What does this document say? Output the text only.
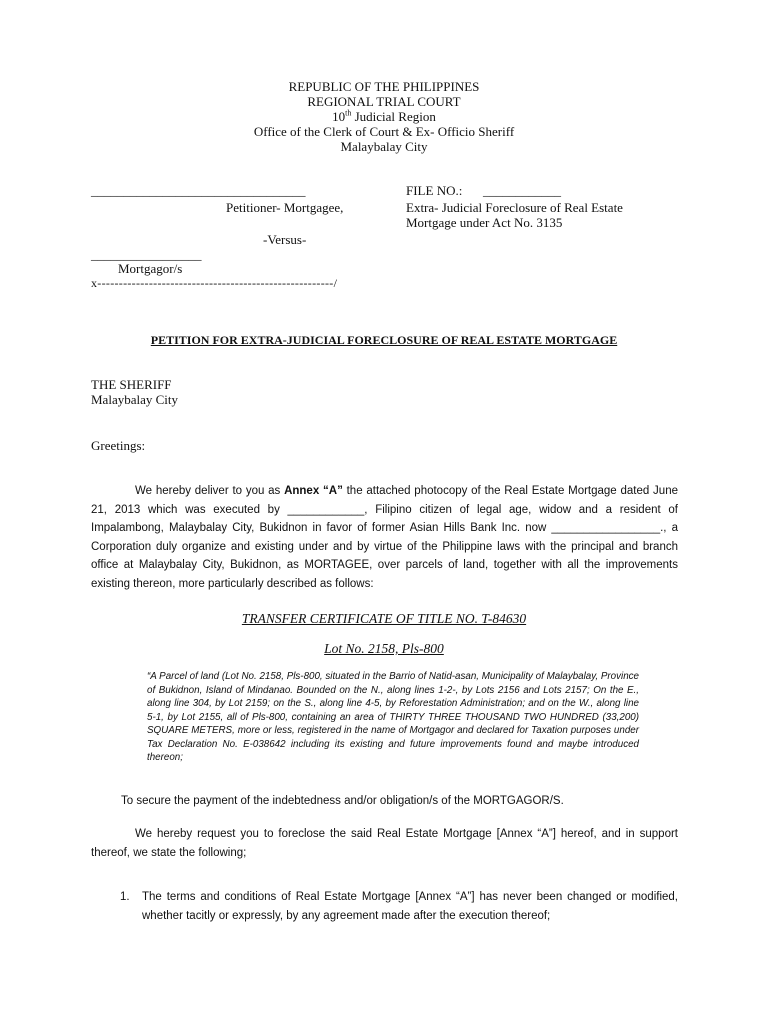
REPUBLIC OF THE PHILIPPINES
REGIONAL TRIAL COURT
10th Judicial Region
Office of the Clerk of Court & Ex- Officio Sheriff
Malaybalay City
_________________________________
Petitioner- Mortgagee,
-Versus-
_________________
Mortgagor/s
x-------------------------------------------------------/
FILE NO.: ____________
Extra- Judicial Foreclosure of Real Estate
Mortgage under Act No. 3135
PETITION FOR EXTRA-JUDICIAL FORECLOSURE OF REAL ESTATE MORTGAGE
THE SHERIFF
Malaybalay City
Greetings:
We hereby deliver to you as Annex “A” the attached photocopy of the Real Estate Mortgage dated June 21, 2013 which was executed by ____________, Filipino citizen of legal age, widow and a resident of Impalambong, Malaybalay City, Bukidnon in favor of former Asian Hills Bank Inc. now _________________., a Corporation duly organize and existing under and by virtue of the Philippine laws with the principal and branch office at Malaybalay City, Bukidnon, as MORTAGEE, over parcels of land, together with all the improvements existing thereon, more particularly described as follows:
TRANSFER CERTIFICATE OF TITLE NO. T-84630
Lot No. 2158, Pls-800
“A Parcel of land (Lot No. 2158, Pls-800, situated in the Barrio of Natid-asan, Municipality of Malaybalay, Province of Bukidnon, Island of Mindanao. Bounded on the N., along lines 1-2-, by Lots 2156 and Lots 2157; On the E., along line 304, by Lot 2159; on the S., along line 4-5, by Reforestation Administration; and on the W., along line 5-1, by Lot 2155, all of Pls-800, containing an area of THIRTY THREE THOUSAND TWO HUNDRED (33,200) SQUARE METERS, more or less, registered in the name of Mortgagor and declared for Taxation purposes under Tax Declaration No. E-038642 including its existing and future improvements found and maybe introduced thereon;
To secure the payment of the indebtedness and/or obligation/s of the MORTGAGOR/S.
We hereby request you to foreclose the said Real Estate Mortgage [Annex “A”] hereof, and in support thereof, we state the following;
1. The terms and conditions of Real Estate Mortgage [Annex “A”] has never been changed or modified, whether tacitly or expressly, by any agreement made after the execution thereof;
